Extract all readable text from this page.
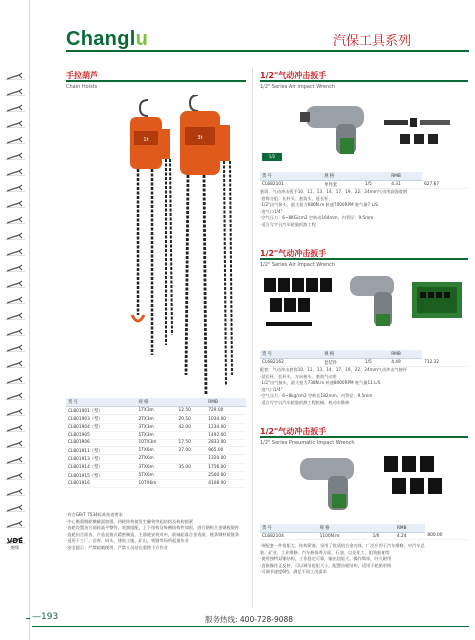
VDE
绝缘
Changlu	汽保工具系列
手拉葫芦
Chain Hoists
1t	3t
货 号	规 格		RMB
CL801901（型）	1TX3m	12.50	729.00
CL801903（型）	2TX3m	20.50	1034.00
CL801904（型）	3TX3m	42.00	1234.00
CL801905	5TX3m		1492.00
CL801906	10TX3m	17.50	2833.00
CL801911（型）	1TX6m	27.00	965.00
CL801913（型）	2TX6m		1320.00
CL801914（型）	3TX6m	35.00	1756.00
CL801915（型）	5TX6m		2500.00
CL801916	10TX6m		4108.00
·符合GB/T 7534标准检查要求
·中心衡重链轮横截面加强，四轮结构使发生解构突起结构及机构锁紧
·齿轮设置齿合面较高平整性，装卸组配，上下结构及每横结构件加固，进行钢机合金钢板锻件
·直轮齿合面齿，产品直接式精密制造，主筋轮安装对中，前轴起落合金表面，链条钢材质链条
·适用于工厂、仓库、码头、建筑工地、矿山、铁路等场所起重作业
·安全提示：严禁超载使用，严禁人员站在重物下方作业
1/2"气动冲击扳手
1/2" Series Air Impact Wrench
1/2
货 号	规 格		RMB	
CL682101	单件套	1/5	4.31	627.67
套筒：气动冲击扳手10、11、13、14、17、19、22、24mm气动用高强度钢
·套筒分组：长杆头、套筒头、延长杆、
·1/2"出气接头，最大扭力680N.m 转速7000RPM 耗气量7 L/S
·进气口1/4"
·空气压力：6~8KG/cm2 空转动164mm，内管径：9.5mm
·适合写字台汽车轮胎拆卸工程
1/2"气动冲击扳手
1/2" Series Air Impact Wrench
货 号	规 格		RMB	
CL682162	套装件	1/5	4.49	712.32
配套：气动冲击套筒10、11、13、14、17、19、22、24mm气动冲击气接杆
·延长杆、长杆头、万向接头、套筒气动用
·1/2"出气接头，最大扭力738N.m 转速8000RPM 耗气量11 L/S
·进气口1/4"
·空气压力：6~8kg/cm2 空转长182mm，内管径：9.5mm
·适合写字台汽车轮胎拆卸工程机械、机动车维修
1/2"气动冲击扳手
1/2" Series Pneumatic Impact Wrench
货 号	规 格		RMB	
CL682104	1100N.m	1/6	4.24	800.00
·带配套一件扭矩大、结构紧凑、采用了优质铝合金壳体，广泛应用于汽车维修、中汽车总
装、矿业、工业维修、汽车修保养方面，石油、以及化工、组装船舶等
·使用独特双锤结构，工作稳定可靠，输出扭矩大，操作简单，经久耐用
·直接操作正反转，可以调节扭矩大小，配置齿轮结构，适用于轮胎更换
·可调节速度6档，满足不同工况需求
—193	服务热线: 400-728-9088
